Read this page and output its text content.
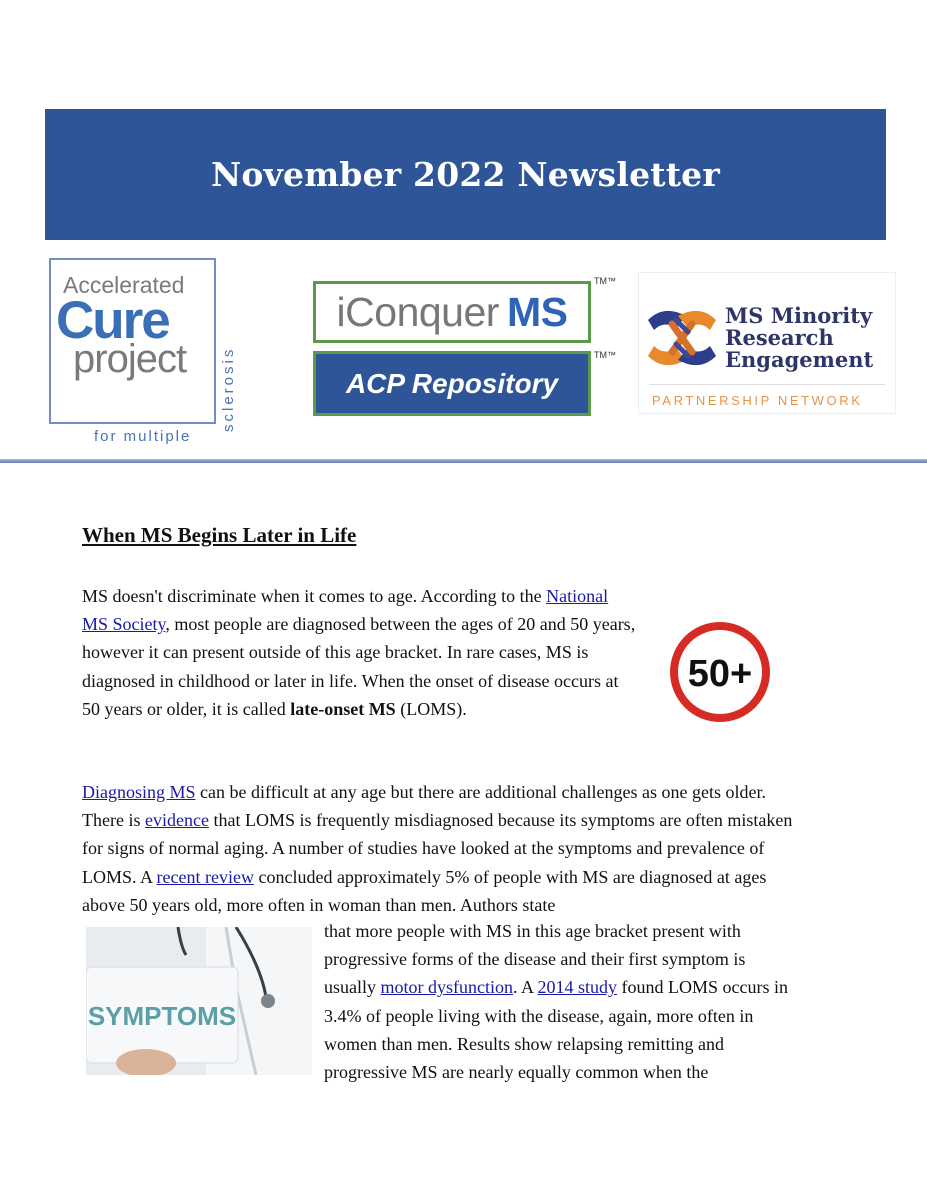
November 2022 Newsletter
Accelerated
Cure
project
for multiple
sclerosis
iConquer MS
TM™
ACP Repository
TM™
MS Minority
Research
Engagement
PARTNERSHIP NETWORK
When MS Begins Later in Life

MS doesn't discriminate when it comes to age. According to the National MS Society, most people are diagnosed between the ages of 20 and 50 years, however it can present outside of this age bracket. In rare cases, MS is diagnosed in childhood or later in life. When the onset of disease occurs at 50 years or older, it is called late-onset MS (LOMS).

50+

Diagnosing MS can be difficult at any age but there are additional challenges as one gets older. There is evidence that LOMS is frequently misdiagnosed because its symptoms are often mistaken for signs of normal aging. A number of studies have looked at the symptoms and prevalence of LOMS. A recent review concluded approximately 5% of people with MS are diagnosed at ages above 50 years old, more often in woman than men. Authors state

SYMPTOMS

that more people with MS in this age bracket present with progressive forms of the disease and their first symptom is usually motor dysfunction. A 2014 study found LOMS occurs in 3.4% of people living with the disease, again, more often in women than men. Results show relapsing remitting and progressive MS are nearly equally common when the
